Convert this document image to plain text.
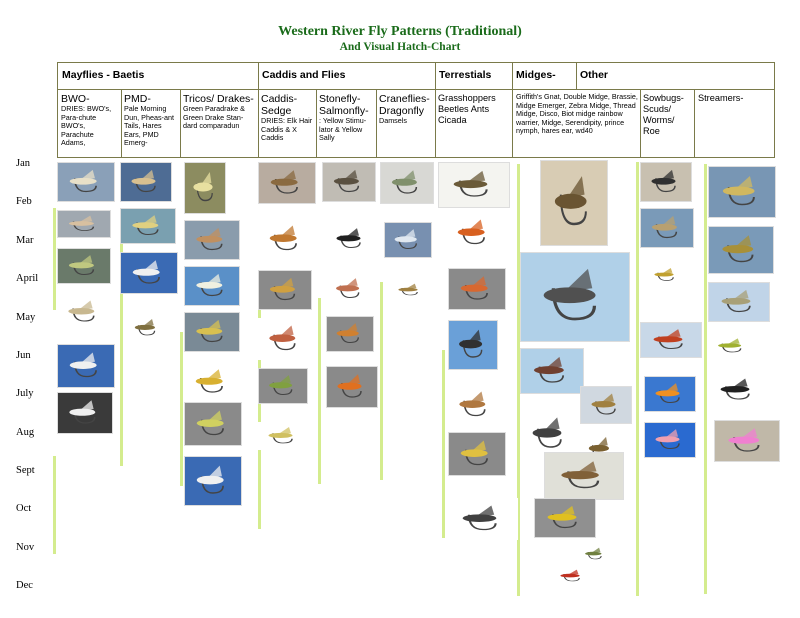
Western River Fly Patterns (Traditional)
And Visual Hatch-Chart
Mayflies - Baetis	Caddis and Flies	Terrestials Midges- Other
BWO-
DRIES: BWO's, Para-chute BWO's, Parachute Adams,
PMD-
Pale Morning Dun, Pheas-ant Tails, Hares Ears, PMD Emerg-
Tricos/ Drakes-
Green Paradrake & Green Drake Stan-dard comparadun
Caddis-Sedge
DRIES: Elk Hair Caddis & X Caddis
Stonefly-Salmonfly-
: Yellow Stimu-lator & Yellow Sally
Craneflies-Dragonfly
Damsels
Grasshoppers Beetles Ants Cicada
Griffith's Gnat, Double Midge, Brassie, Midge Emerger, Zebra Midge, Thread Midge, Disco, Biot midge rainbow warrier, Midge, Serendipity, prince nymph, hares ear, wd40
Sowbugs-Scuds/ Worms/ Roe
Streamers-
Jan
Feb
Mar
April
May
Jun
July
Aug
Sept
Oct
Nov
Dec
